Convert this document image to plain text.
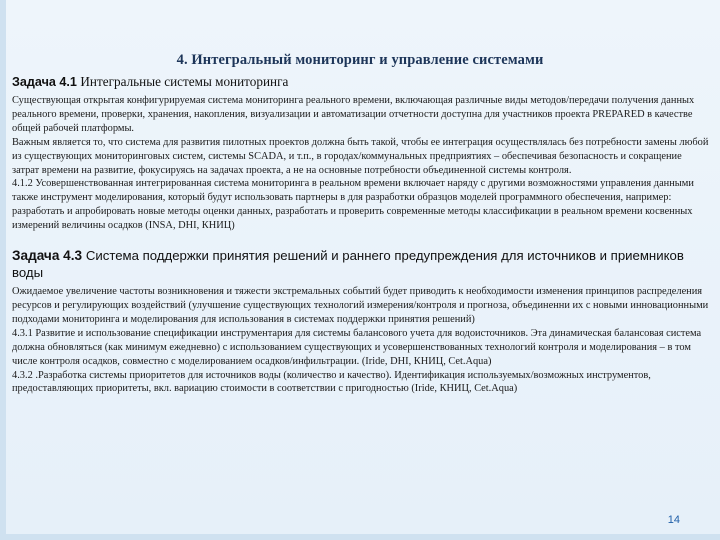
4. Интегральный мониторинг и управление системами
Задача 4.1 Интегральные системы мониторинга

Существующая открытая конфигурируемая система мониторинга реального времени, включающая различные виды методов/передачи получения данных реального времени, проверки, хранения, накопления, визуализации и автоматизации отчетности доступна для участников проекта PREPARED в качестве общей рабочей платформы.

Важным является то, что система для развития пилотных проектов должна быть такой, чтобы ее интеграция осуществлялась без потребности замены любой из существующих мониторинговых систем, системы SCADA, и т.п., в городах/коммунальных предприятиях – обеспечивая безопасность и сокращение затрат времени на развитие, фокусируясь на задачах проекта, а не на основные потребности объединенной системы контроля.

4.1.2 Усовершенствованная интегрированная система мониторинга в реальном времени включает наряду с другими возможностями управления данными также инструмент моделирования, который будут использовать партнеры в для разработки образцов моделей программного обеспечения, например: разработать и апробировать новые методы оценки данных, разработать и проверить современные методы классификации в реальном времени косвенных измерений величины осадков (INSA, DHI, КНИЦ)

Задача 4.3 Система поддержки принятия решений и раннего предупреждения для источников и приемников воды

Ожидаемое увеличение частоты возникновения и тяжести экстремальных событий будет приводить к необходимости изменения принципов распределения ресурсов и регулирующих воздействий (улучшение существующих технологий измерения/контроля и прогноза, объединенни их с новыми инновационными подходами мониторинга и моделирования для использования в системах поддержки принятия решений)

4.3.1 Развитие и использование спецификации инструментария для системы балансового учета для водоисточников. Эта динамическая балансовая система должна обновляться (как минимум ежедневно) с использованием существующих и усовершенствованных технологий контроля и моделирования – в том числе контроля осадков, совместно с моделированием осадков/инфильтрации. (Iride, DHI, КНИЦ, Cet.Aqua)

4.3.2 .Разработка системы приоритетов для источников воды (количество и качество). Идентификация используемых/возможных инструментов, предоставляющих приоритеты, вкл. вариацию стоимости в соответствии с пригодностью (Iride, КНИЦ, Cet.Aqua)

14
